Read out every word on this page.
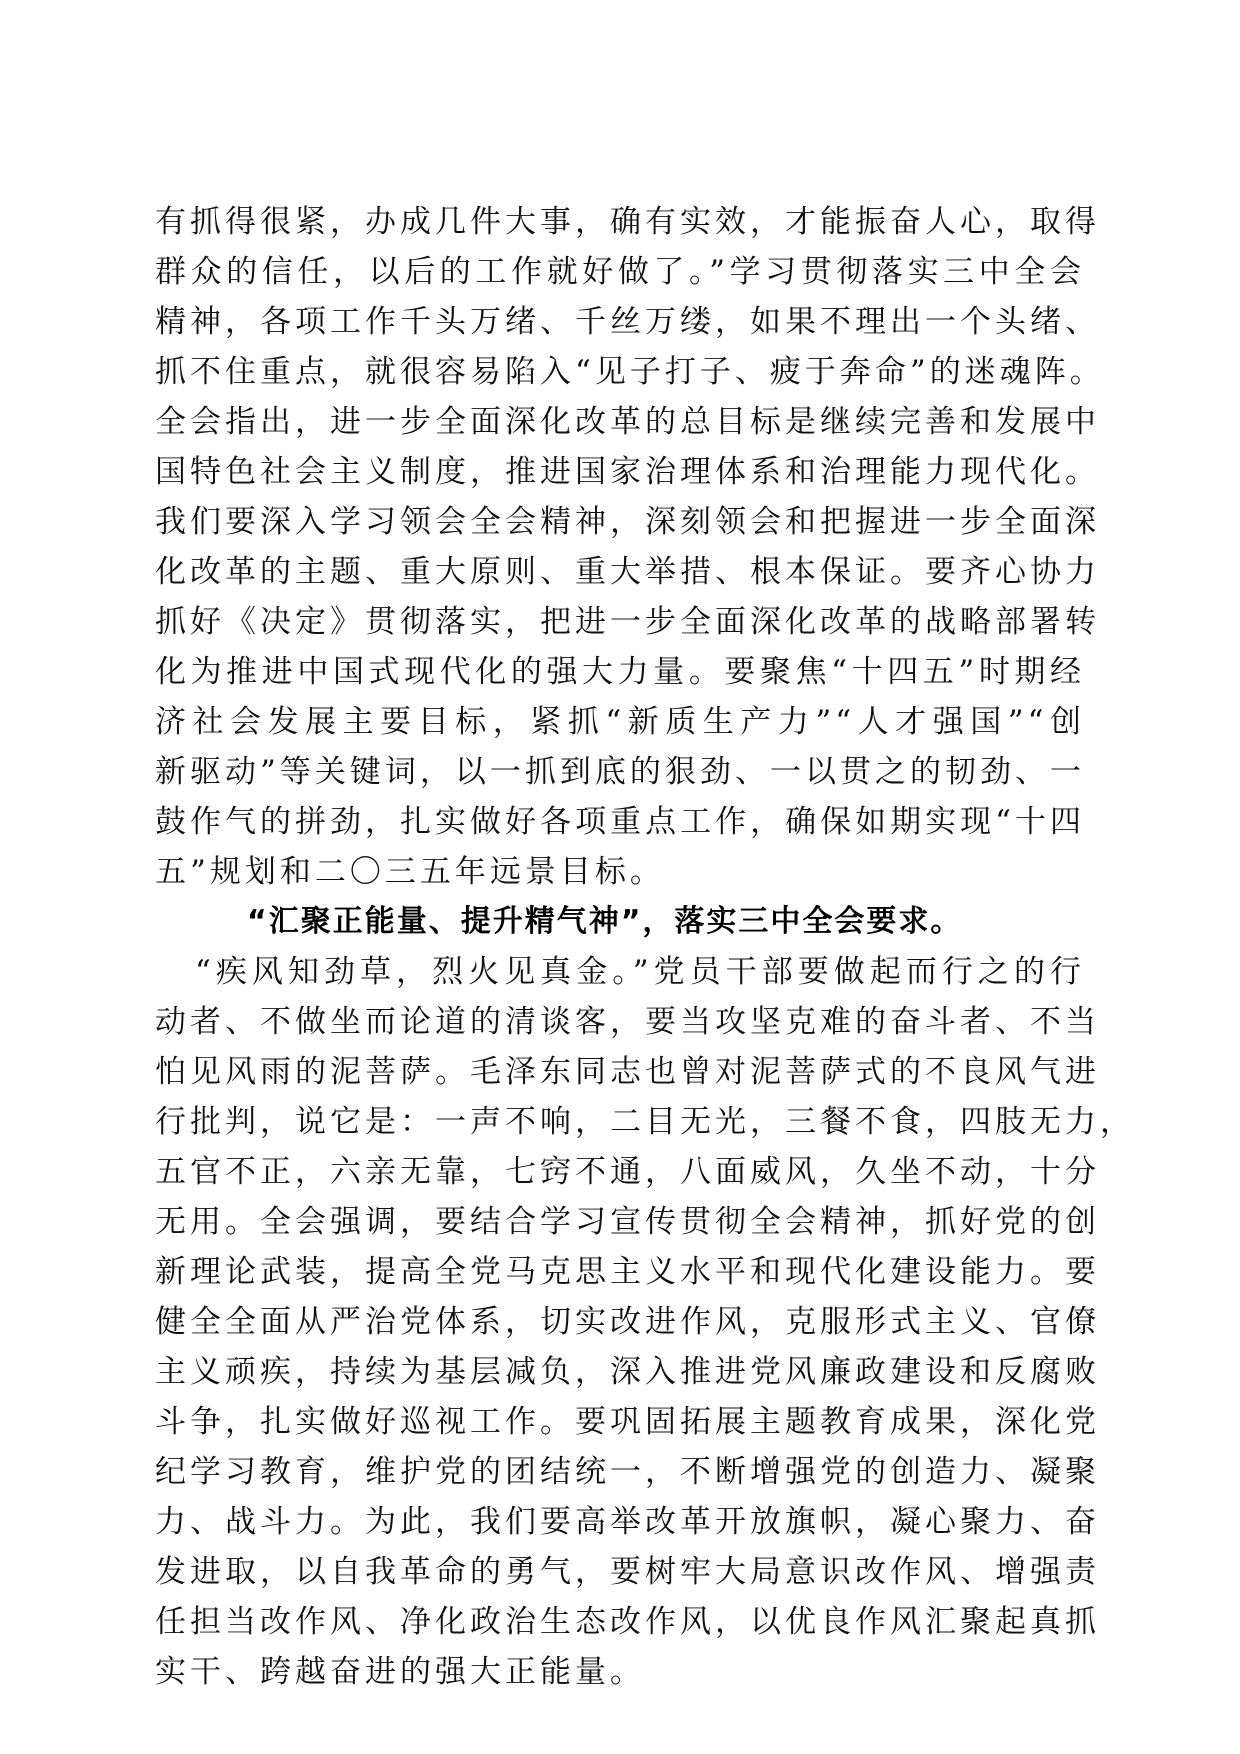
有抓得很紧，办成几件大事，确有实效，才能振奋人心，取得
群众的信任，以后的工作就好做了。”学习贯彻落实三中全会
精神，各项工作千头万绪、千丝万缕，如果不理出一个头绪、
抓不住重点，就很容易陷入“见子打子、疲于奔命”的迷魂阵。
全会指出，进一步全面深化改革的总目标是继续完善和发展中
国特色社会主义制度，推进国家治理体系和治理能力现代化。
我们要深入学习领会全会精神，深刻领会和把握进一步全面深
化改革的主题、重大原则、重大举措、根本保证。要齐心协力
抓好《决定》贯彻落实，把进一步全面深化改革的战略部署转
化为推进中国式现代化的强大力量。要聚焦“十四五”时期经
济社会发展主要目标，紧抓“新质生产力”“人才强国”“创
新驱动”等关键词，以一抓到底的狠劲、一以贯之的韧劲、一
鼓作气的拼劲，扎实做好各项重点工作，确保如期实现“十四
五”规划和二〇三五年远景目标。
“汇聚正能量、提升精气神”，落实三中全会要求。
“疾风知劲草，烈火见真金。”党员干部要做起而行之的行
动者、不做坐而论道的清谈客，要当攻坚克难的奋斗者、不当
怕见风雨的泥菩萨。毛泽东同志也曾对泥菩萨式的不良风气进
行批判，说它是：一声不响，二目无光，三餐不食，四肢无力，
五官不正，六亲无靠，七窍不通，八面威风，久坐不动，十分
无用。全会强调，要结合学习宣传贯彻全会精神，抓好党的创
新理论武装，提高全党马克思主义水平和现代化建设能力。要
健全全面从严治党体系，切实改进作风，克服形式主义、官僚
主义顽疾，持续为基层减负，深入推进党风廉政建设和反腐败
斗争，扎实做好巡视工作。要巩固拓展主题教育成果，深化党
纪学习教育，维护党的团结统一，不断增强党的创造力、凝聚
力、战斗力。为此，我们要高举改革开放旗帜，凝心聚力、奋
发进取，以自我革命的勇气，要树牢大局意识改作风、增强责
任担当改作风、净化政治生态改作风，以优良作风汇聚起真抓
实干、跨越奋进的强大正能量。
